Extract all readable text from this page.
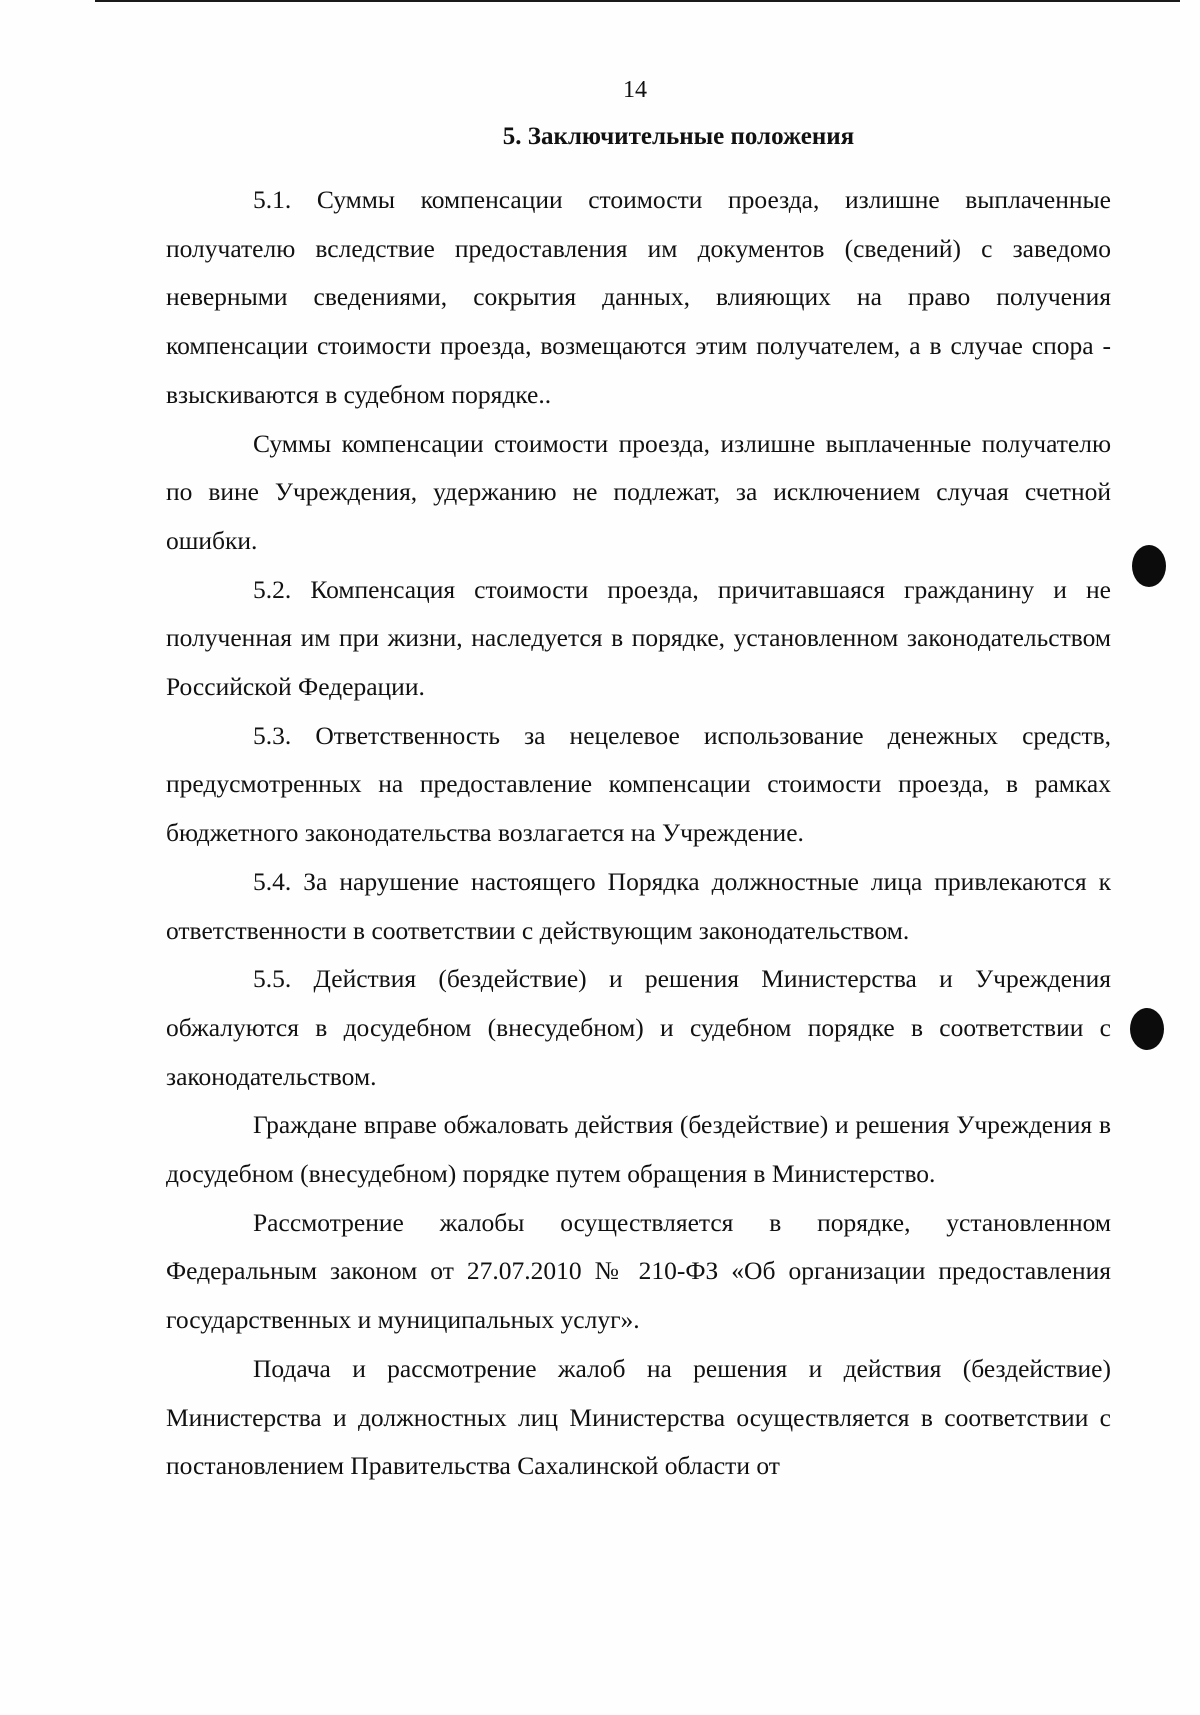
14
5. Заключительные положения

5.1. Суммы компенсации стоимости проезда, излишне выплаченные получателю вследствие предоставления им документов (сведений) с заведомо неверными сведениями, сокрытия данных, влияющих на право получения компенсации стоимости проезда, возмещаются этим получателем, а в случае спора - взыскиваются в судебном порядке..

Суммы компенсации стоимости проезда, излишне выплаченные получателю по вине Учреждения, удержанию не подлежат, за исключением случая счетной ошибки.

5.2. Компенсация стоимости проезда, причитавшаяся гражданину и не полученная им при жизни, наследуется в порядке, установленном законодательством Российской Федерации.

5.3. Ответственность за нецелевое использование денежных средств, предусмотренных на предоставление компенсации стоимости проезда, в рамках бюджетного законодательства возлагается на Учреждение.

5.4. За нарушение настоящего Порядка должностные лица привлекаются к ответственности в соответствии с действующим законодательством.

5.5. Действия (бездействие) и решения Министерства и Учреждения обжалуются в досудебном (внесудебном) и судебном порядке в соответствии с законодательством.

Граждане вправе обжаловать действия (бездействие) и решения Учреждения в досудебном (внесудебном) порядке путем обращения в Министерство.

Рассмотрение жалобы осуществляется в порядке, установленном Федеральным законом от 27.07.2010 № 210-ФЗ «Об организации предоставления государственных и муниципальных услуг».

Подача и рассмотрение жалоб на решения и действия (бездействие) Министерства и должностных лиц Министерства осуществляется в соответствии с постановлением Правительства Сахалинской области от
